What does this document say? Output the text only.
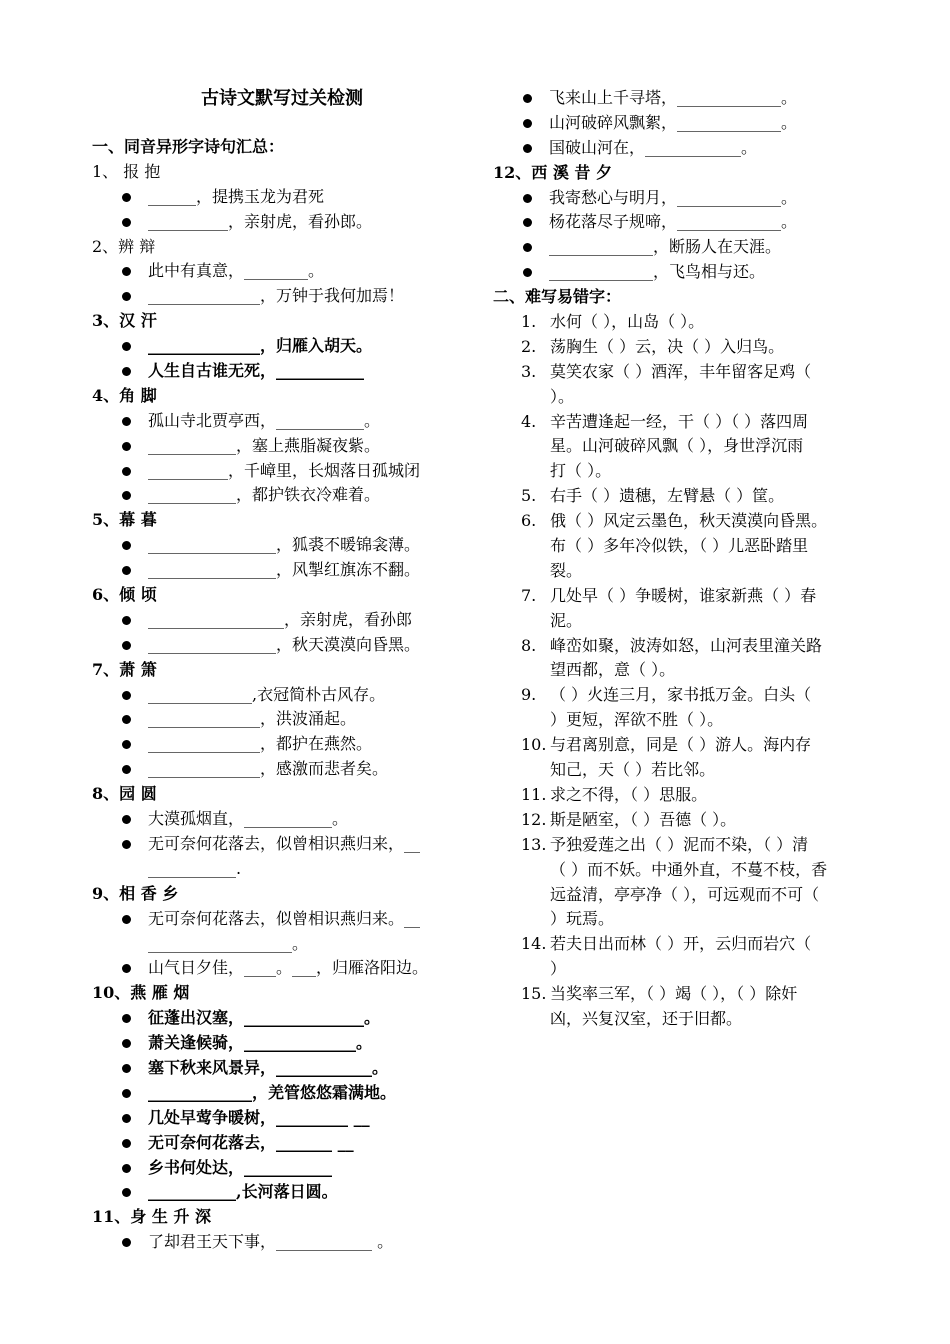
古诗文默写过关检测
一、同音异形字诗句汇总：
1、 报 抱
______，提携玉龙为君死
__________，亲射虎，看孙郎。
2、辨 辩
此中有真意，________。
______________，万钟于我何加焉！
3、汉 汗
______________，归雁入胡天。
人生自古谁无死，___________
4、角 脚
孤山寺北贾亭西，___________。
___________，塞上燕脂凝夜紫。
__________，千嶂里，长烟落日孤城闭
___________，都护铁衣冷难着。
5、幕 暮
________________，狐裘不暖锦衾薄。
________________，风掣红旗冻不翻。
6、倾 顷
_________________，亲射虎，看孙郎
________________，秋天漠漠向昏黑。
7、萧 箫
_____________,衣冠简朴古风存。
______________，洪波涌起。
______________，都护在燕然。
______________，感激而悲者矣。
8、园 圆
大漠孤烟直，___________。
无可奈何花落去，似曾相识燕归来，__
___________.
9、相 香 乡
无可奈何花落去，似曾相识燕归来。__
__________________。
山气日夕佳，____。___，归雁洛阳边。
10、燕 雁 烟
征蓬出汉塞，_______________。
萧关逢候骑，______________。
塞下秋来风景异，____________。
_____________，羌管悠悠霜满地。
几处早莺争暖树，_________ __
无可奈何花落去，_______ __
乡书何处达，___________
___________,长河落日圆。
11、身 生 升 深
了却君王天下事，____________ 。
飞来山上千寻塔，_____________。
山河破碎风飘絮，_____________。
国破山河在，____________。
12、西 溪 昔 夕
我寄愁心与明月，_____________。
杨花落尽子规啼，_____________。
_____________，断肠人在天涯。
_____________，飞鸟相与还。
二、难写易错字：
1. 水何（ ），山岛（ ）。
2. 荡胸生（ ）云，决（ ）入归鸟。
3. 莫笑农家（ ）酒浑，丰年留客足鸡（
）。
4. 辛苦遭逢起一经，干（ ）（ ）落四周
星。山河破碎风飘（ ），身世浮沉雨
打（ ）。
5. 右手（ ）遗穗，左臂悬（ ）筐。
6. 俄（ ）风定云墨色，秋天漠漠向昏黑。
布（ ）多年冷似铁，（ ）儿恶卧踏里
裂。
7. 几处早（ ）争暖树，谁家新燕（ ）春
泥。
8. 峰峦如聚，波涛如怒，山河表里潼关路
望西都，意（ ）。
9. （ ）火连三月，家书抵万金。白头（
）更短，浑欲不胜（ ）。
10. 与君离别意，同是（ ）游人。海内存
知己，天（ ）若比邻。
11. 求之不得，（ ）思服。
12. 斯是陋室，（ ）吾德（ ）。
13. 予独爱莲之出（ ）泥而不染，（ ）清
（ ）而不妖。中通外直，不蔓不枝，香
远益清，亭亭净（ ），可远观而不可（
）玩焉。
14. 若夫日出而林（ ）开，云归而岩穴（
）
15. 当奖率三军，（ ）竭（ ），（ ）除奸
凶，兴复汉室，还于旧都。
